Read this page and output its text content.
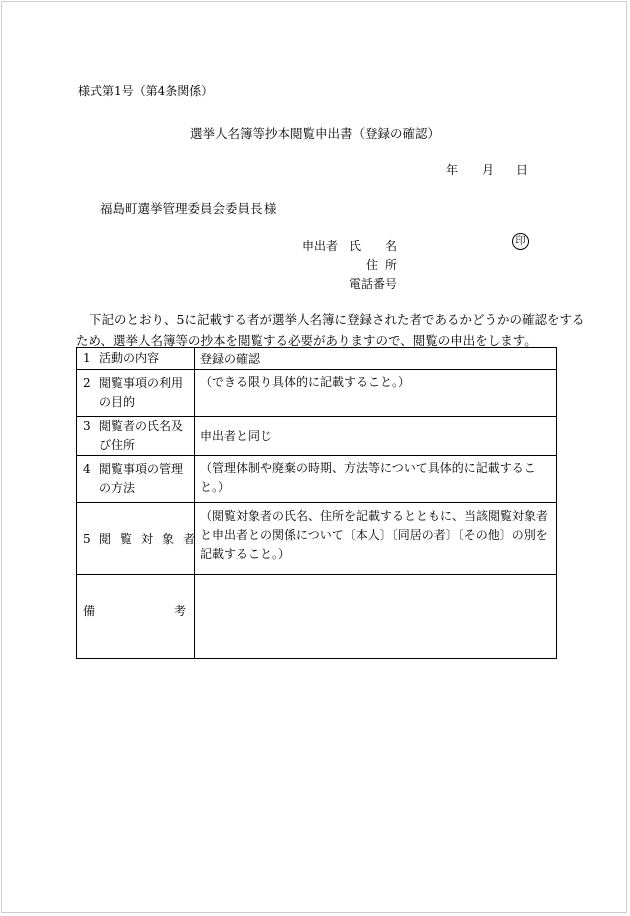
様式第1号（第4条関係）
選挙人名簿等抄本閲覧申出書（登録の確認）
年 月 日
福島町選挙管理委員会委員長 様
申出者 氏 名	印
住 所
電話番号
下記のとおり、5に記載する者が選挙人名簿に登録された者であるかどうかの確認をする
ため、選挙人名簿等の抄本を閲覧する必要がありますので、閲覧の申出をします。
1 活動の内容	登録の確認

2 閲覧事項の利用の目的	（できる限り具体的に記載すること。）

3 閲覧者の氏名及び住所	申出者と同じ

4 閲覧事項の管理の方法	（管理体制や廃棄の時期、方法等について具体的に記載すること。）

5 閲覧対象者	（閲覧対象者の氏名、住所を記載するとともに、当該閲覧対象者と申出者との関係について〔本人〕〔同居の者〕〔その他〕の別を記載すること。）

備 考	
